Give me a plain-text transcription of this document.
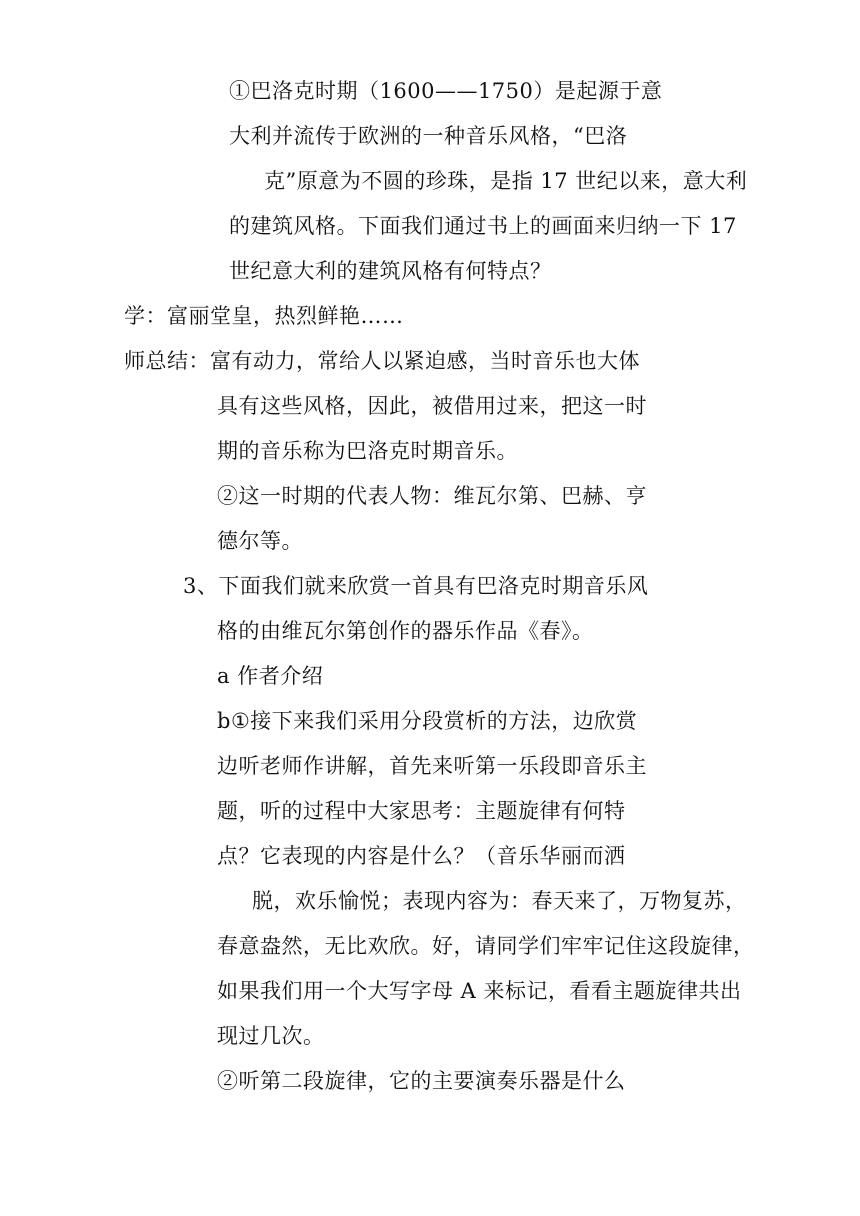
①巴洛克时期（1600——1750）是起源于意
大利并流传于欧洲的一种音乐风格，“巴洛
克”原意为不圆的珍珠，是指 17 世纪以来，意大利
的建筑风格。下面我们通过书上的画面来归纳一下 17
世纪意大利的建筑风格有何特点？
学：富丽堂皇，热烈鲜艳……
师总结：富有动力，常给人以紧迫感，当时音乐也大体
具有这些风格，因此，被借用过来，把这一时
期的音乐称为巴洛克时期音乐。
②这一时期的代表人物：维瓦尔第、巴赫、亨
德尔等。
3、下面我们就来欣赏一首具有巴洛克时期音乐风
格的由维瓦尔第创作的器乐作品《春》。
a 作者介绍
b①接下来我们采用分段赏析的方法，边欣赏
边听老师作讲解，首先来听第一乐段即音乐主
题，听的过程中大家思考：主题旋律有何特
点？它表现的内容是什么？（音乐华丽而洒
脱，欢乐愉悦；表现内容为：春天来了，万物复苏，
春意盎然，无比欢欣。好，请同学们牢牢记住这段旋律，
如果我们用一个大写字母 A 来标记，看看主题旋律共出
现过几次。
②听第二段旋律，它的主要演奏乐器是什么
